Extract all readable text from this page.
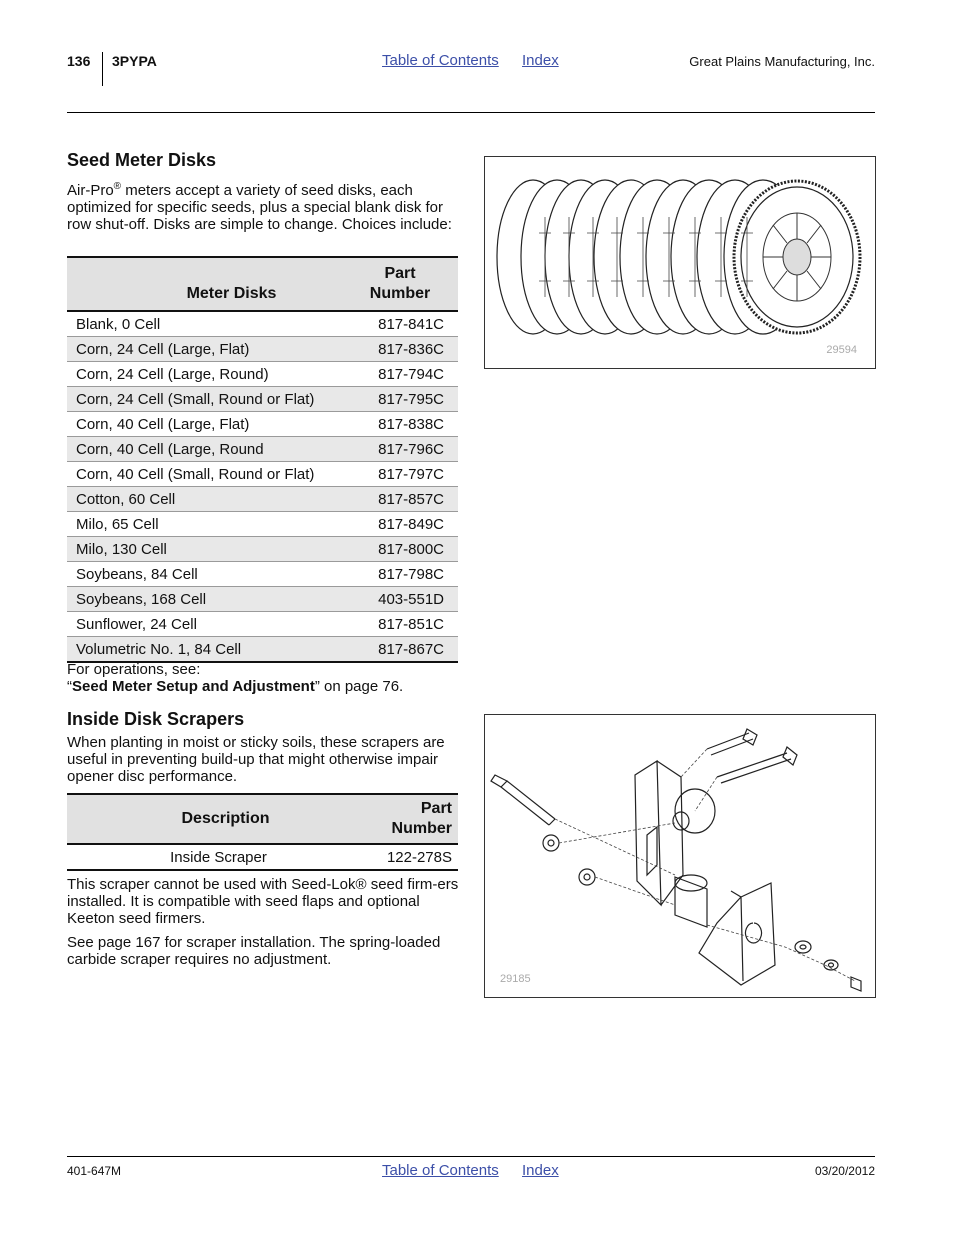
136 3PYPA	Table of Contents Index	Great Plains Manufacturing, Inc.
Seed Meter Disks

Air-Pro® meters accept a variety of seed disks, each optimized for specific seeds, plus a special blank disk for row shut-off. Disks are simple to change. Choices include:

Meter Disks	Part Number
Blank, 0 Cell	817-841C
Corn, 24 Cell (Large, Flat)	817-836C
Corn, 24 Cell (Large, Round)	817-794C
Corn, 24 Cell (Small, Round or Flat)	817-795C
Corn, 40 Cell (Large, Flat)	817-838C
Corn, 40 Cell (Large, Round	817-796C
Corn, 40 Cell (Small, Round or Flat)	817-797C
Cotton, 60 Cell	817-857C
Milo, 65 Cell	817-849C
Milo, 130 Cell	817-800C
Soybeans, 84 Cell	817-798C
Soybeans, 168 Cell	403-551D
Sunflower, 24 Cell	817-851C
Volumetric No. 1, 84 Cell	817-867C

For operations, see:
“Seed Meter Setup and Adjustment” on page 76.

29594
Inside Disk Scrapers

When planting in moist or sticky soils, these scrapers are useful in preventing build-up that might otherwise impair opener disc performance.

Description	Part Number
Inside Scraper	122-278S

This scraper cannot be used with Seed-Lok® seed firm-ers installed. It is compatible with seed flaps and optional Keeton seed firmers.

See page 167 for scraper installation. The spring-loaded carbide scraper requires no adjustment.

29185
401-647M	Table of Contents Index	03/20/2012
